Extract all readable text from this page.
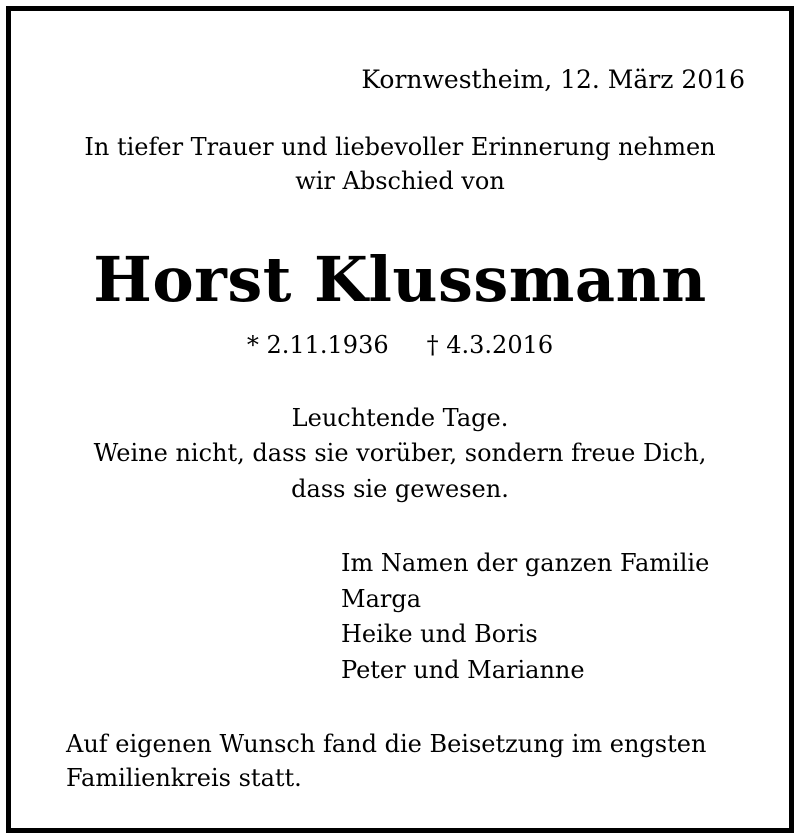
Kornwestheim, 12. März 2016

In tiefer Trauer und liebevoller Erinnerung nehmen

wir Abschied von

Horst Klussmann

* 2.11.1936 † 4.3.2016

Leuchtende Tage.

Weine nicht, dass sie vorüber, sondern freue Dich,

dass sie gewesen.

Im Namen der ganzen Familie

Marga

Heike und Boris

Peter und Marianne

Auf eigenen Wunsch fand die Beisetzung im engsten

Familienkreis statt.
